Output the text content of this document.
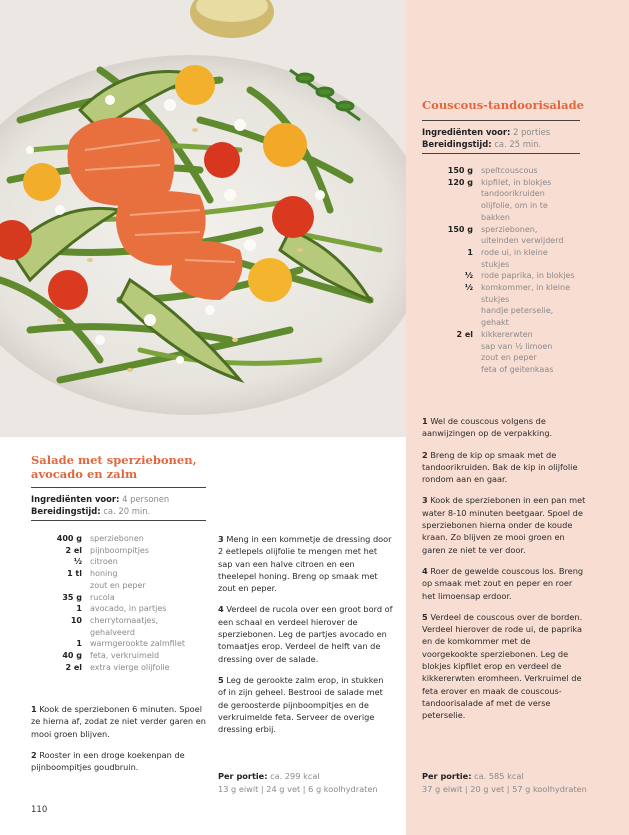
Salade met sperziebonen,
avocado en zalm
Ingrediënten voor: 4 personen
Bereidingstijd: ca. 20 min.
400 g sperziebonen
2 el pijnboompitjes
½ citroen
1 tl honing
zout en peper
35 g rucola
1 avocado, in partjes
10 cherrytomaatjes,
gehalveerd
1 warmgerookte zalmfilet
40 g feta, verkruimeld
2 el extra vierge olijfolie

1 Kook de sperziebonen 6 minuten. Spoel ze hierna af, zodat ze niet verder garen en mooi groen blijven.

2 Rooster in een droge koekenpan de pijnboompitjes goudbruin.

3 Meng in een kommetje de dressing door 2 eetlepels olijfolie te mengen met het sap van een halve citroen en een theelepel honing. Breng op smaak met zout en peper.

4 Verdeel de rucola over een groot bord of een schaal en verdeel hierover de sperziebonen. Leg de partjes avocado en tomaatjes erop. Verdeel de helft van de dressing over de salade.

5 Leg de gerookte zalm erop, in stukken of in zijn geheel. Bestrooi de salade met de geroosterde pijnboompitjes en de verkruimelde feta. Serveer de overige dressing erbij.

Per portie: ca. 299 kcal
13 g eiwit | 24 g vet | 6 g koolhydraten
110
Couscous-tandoorisalade
Ingrediënten voor: 2 porties
Bereidingstijd: ca. 25 min.
150 g speltcouscous
120 g kipfilet, in blokjes
tandoorikruiden
olijfolie, om in te
bakken
150 g sperziebonen,
uiteinden verwijderd
1 rode ui, in kleine
stukjes
½ rode paprika, in blokjes
½ komkommer, in kleine
stukjes
handje peterselie,
gehakt
2 el kikkererwten
sap van ½ limoen
zout en peper
feta of geitenkaas

1 Wel de couscous volgens de aanwijzingen op de verpakking.

2 Breng de kip op smaak met de tandoorikruiden. Bak de kip in olijfolie rondom aan en gaar.

3 Kook de sperziebonen in een pan met water 8-10 minuten beetgaar. Spoel de sperziebonen hierna onder de koude kraan. Zo blijven ze mooi groen en garen ze niet te ver door.

4 Roer de gewelde couscous los. Breng op smaak met zout en peper en roer het limoensap erdoor.

5 Verdeel de couscous over de borden. Verdeel hierover de rode ui, de paprika en de komkommer met de voorgekookte sperziebonen. Leg de blokjes kipfilet erop en verdeel de kikkererwten eromheen. Verkruimel de feta erover en maak de couscous-tandoorisalade af met de verse peterselie.

Per portie: ca. 585 kcal
37 g eiwit | 20 g vet | 57 g koolhydraten
